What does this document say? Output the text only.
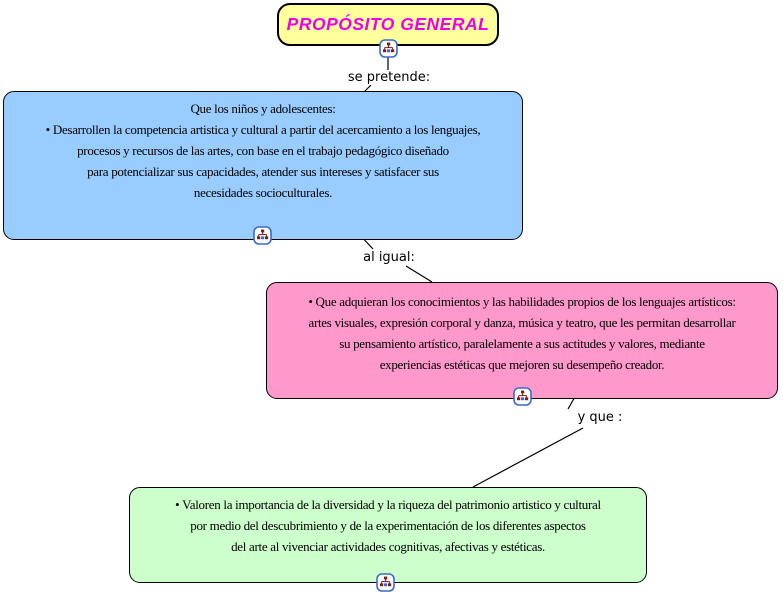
PROPÓSITO GENERAL
se pretende:
al igual:
y que :
Que los niños y adolescentes:
• Desarrollen la competencia artistica y cultural a partir del acercamiento a los lenguajes,
procesos y recursos de las artes, con base en el trabajo pedagógico diseñado
para potencializar sus capacidades, atender sus intereses y satisfacer sus
necesidades socioculturales.
• Que adquieran los conocimientos y las habilidades propios de los lenguajes artísticos:
artes visuales, expresión corporal y danza, música y teatro, que les permitan desarrollar
su pensamiento artístico, paralelamente a sus actitudes y valores, mediante
experiencias estéticas que mejoren su desempeño creador.
• Valoren la importancia de la diversidad y la riqueza del patrimonio artistico y cultural
por medio del descubrimiento y de la experimentación de los diferentes aspectos
del arte al vivenciar actividades cognitivas, afectivas y estéticas.
